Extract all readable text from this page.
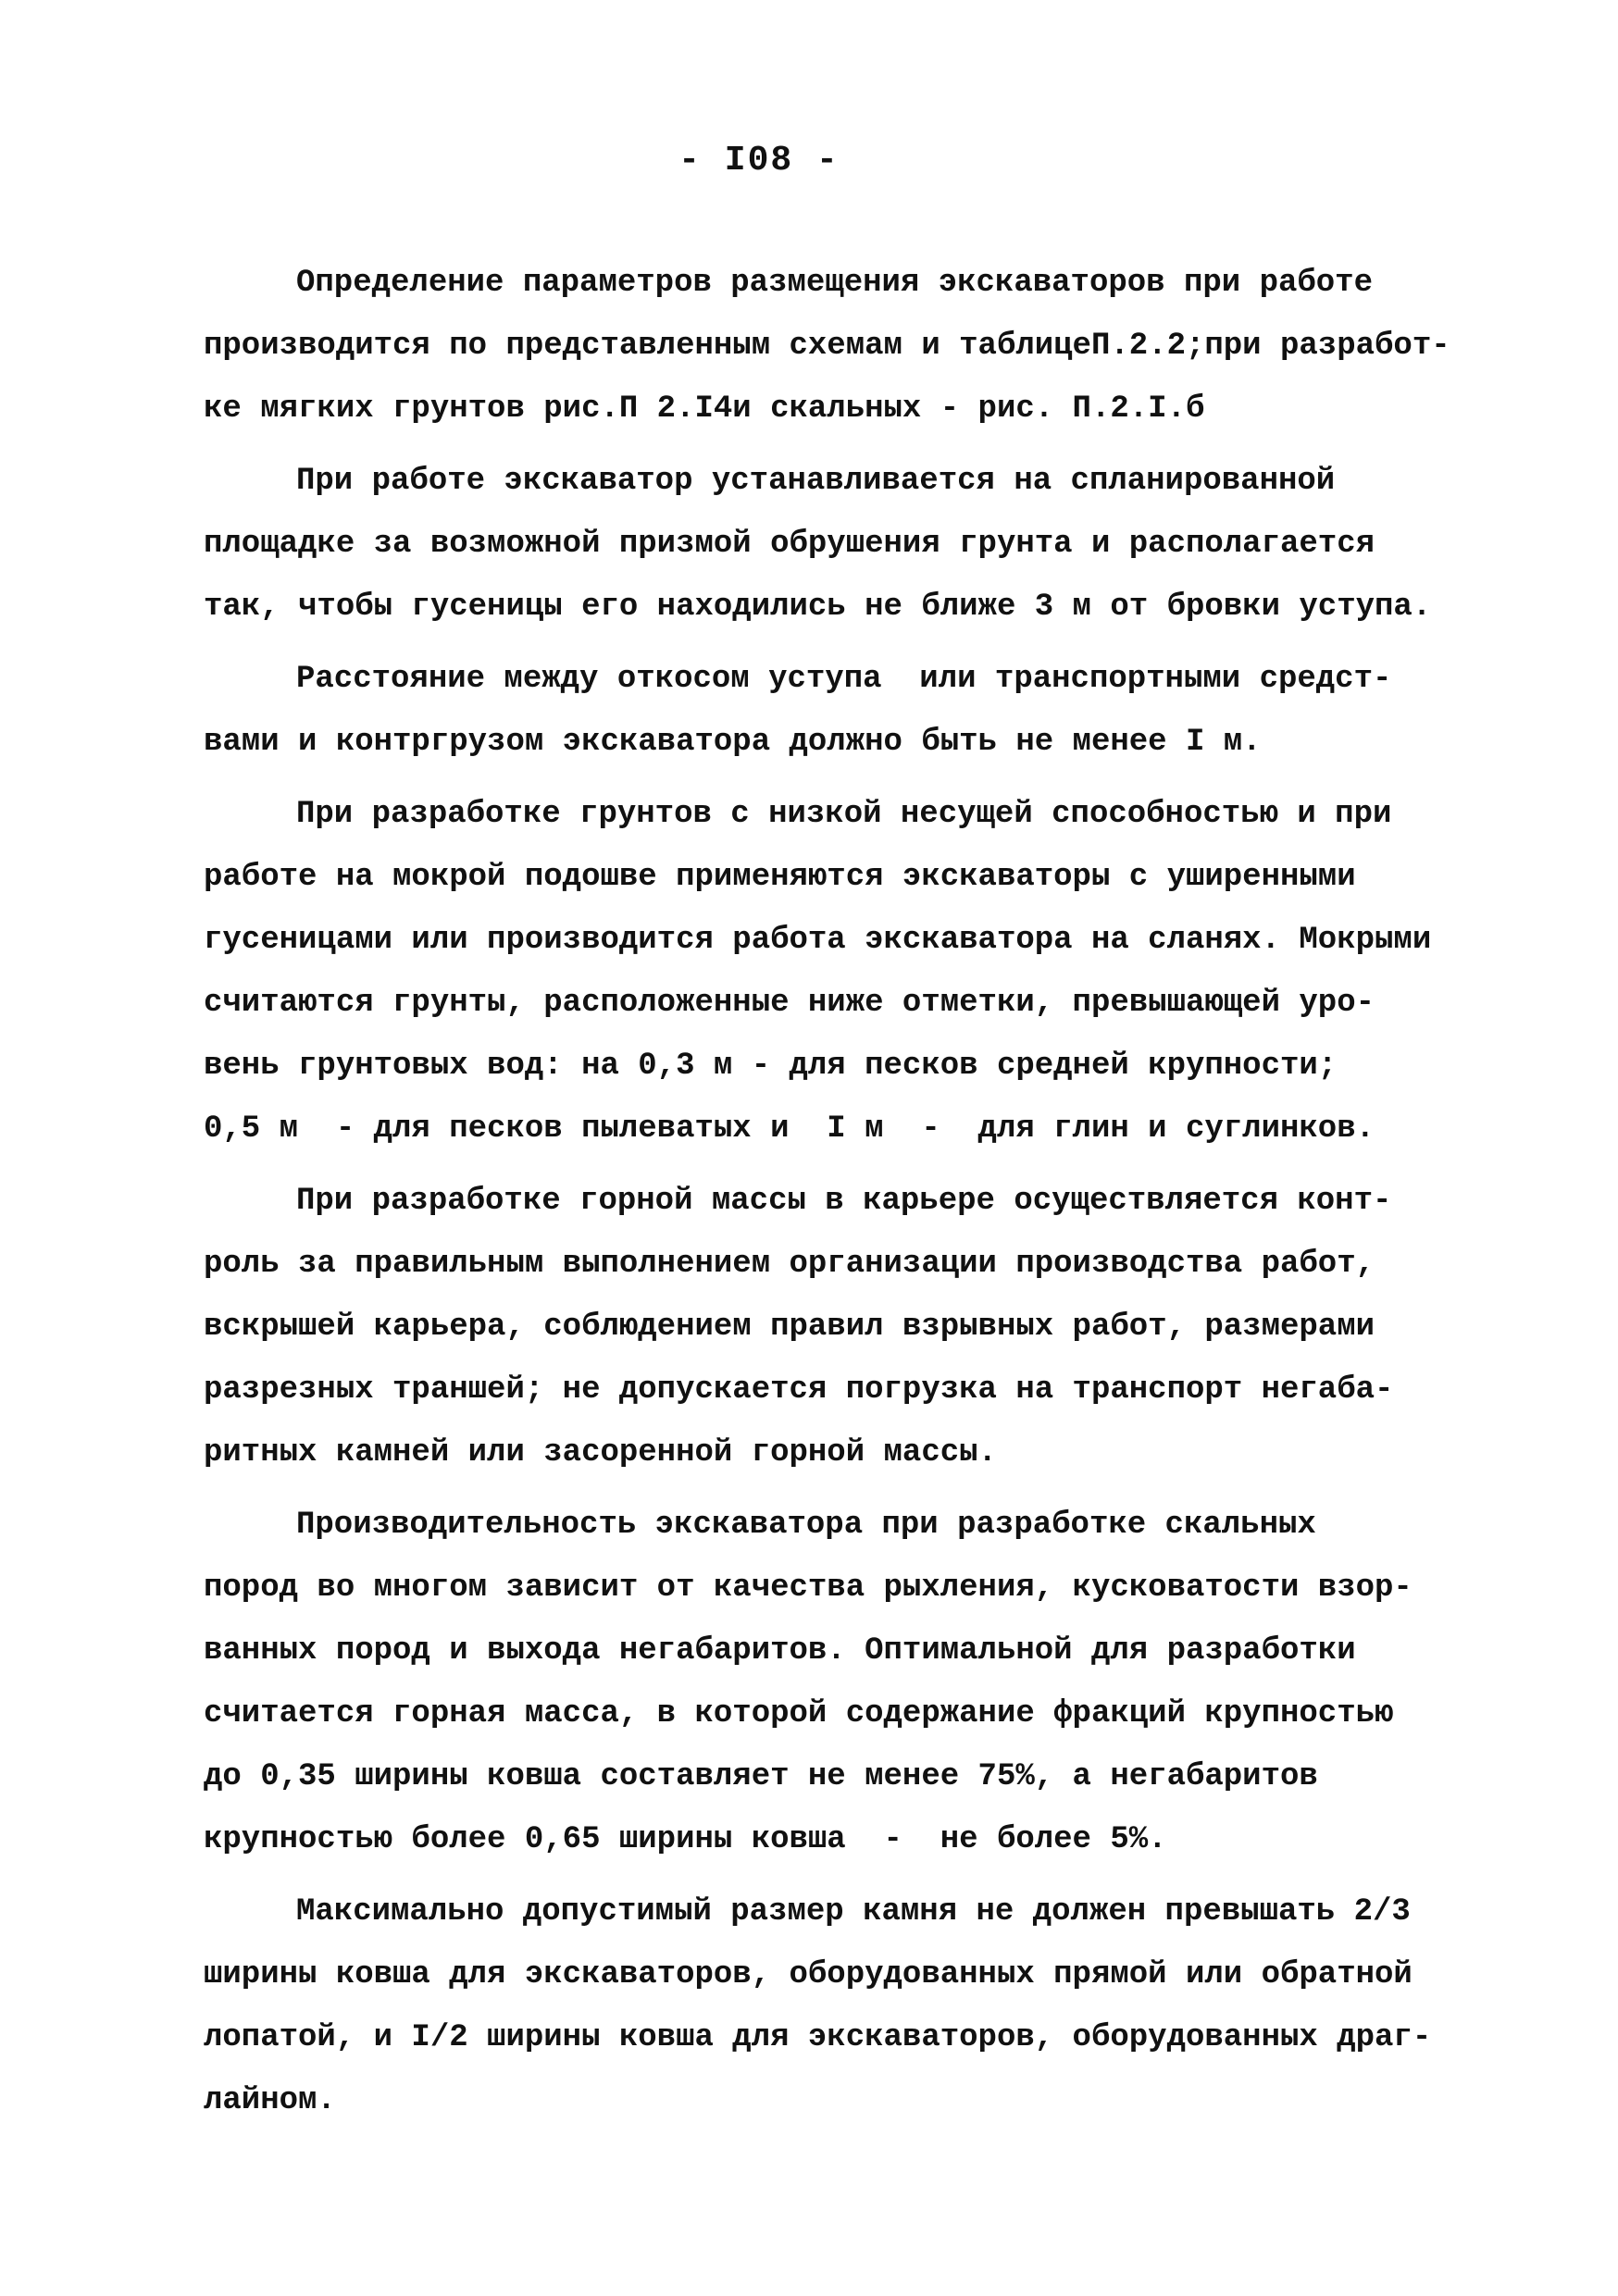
- I08 -
Определение параметров размещения экскаваторов при работе
производится по представленным схемам и таблицеП.2.2;при разработ-
ке мягких грунтов рис.П 2.I4и скальных - рис. П.2.I.б
При работе экскаватор устанавливается на спланированной
площадке за возможной призмой обрушения грунта и располагается
так, чтобы гусеницы его находились не ближе 3 м от бровки уступа.
Расстояние между откосом уступа  или транспортными средст-
вами и контргрузом экскаватора должно быть не менее I м.
При разработке грунтов с низкой несущей способностью и при
работе на мокрой подошве применяются экскаваторы с уширенными
гусеницами или производится работа экскаватора на сланях. Мокрыми
считаются грунты, расположенные ниже отметки, превышающей уро-
вень грунтовых вод: на 0,3 м - для песков средней крупности;
0,5 м  - для песков пылеватых и  I м  -  для глин и суглинков.
При разработке горной массы в карьере осуществляется конт-
роль за правильным выполнением организации производства работ,
вскрышей карьера, соблюдением правил взрывных работ, размерами
разрезных траншей; не допускается погрузка на транспорт негаба-
ритных камней или засоренной горной массы.
Производительность экскаватора при разработке скальных
пород во многом зависит от качества рыхления, кусковатости взор-
ванных пород и выхода негабаритов. Оптимальной для разработки
считается горная масса, в которой содержание фракций крупностью
до 0,35 ширины ковша составляет не менее 75%, а негабаритов
крупностью более 0,65 ширины ковша  -  не более 5%.
Максимально допустимый размер камня не должен превышать 2/3
ширины ковша для экскаваторов, оборудованных прямой или обратной
лопатой, и I/2 ширины ковша для экскаваторов, оборудованных драг-
лайном.
